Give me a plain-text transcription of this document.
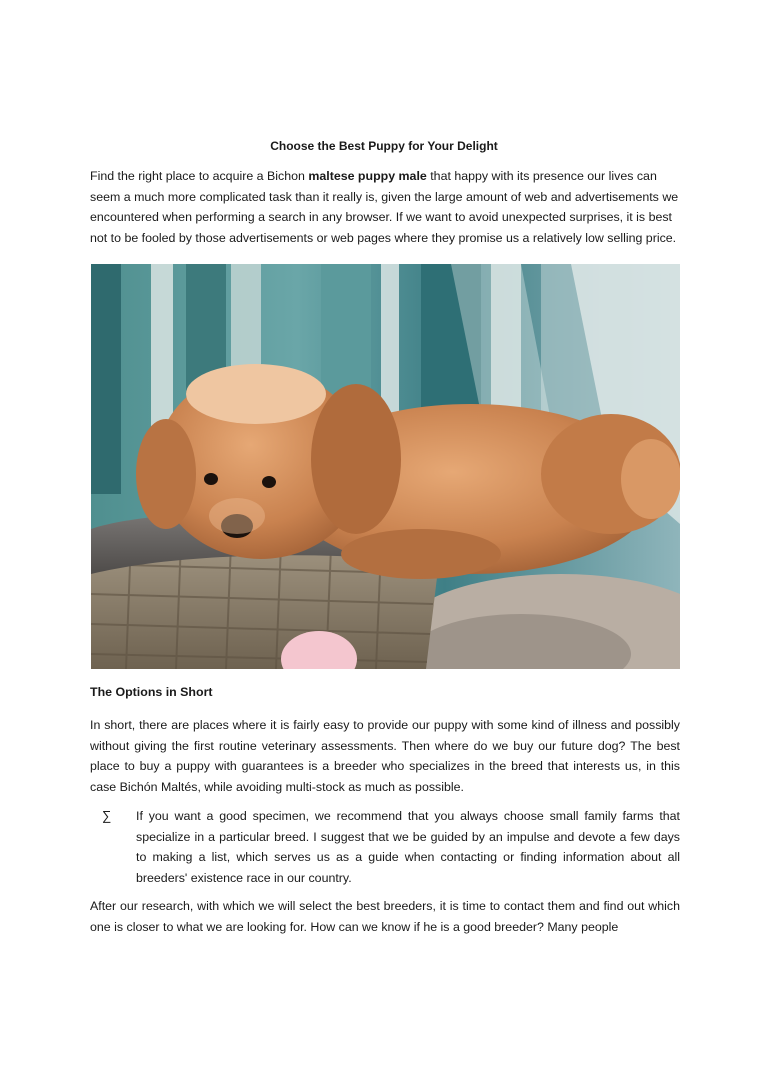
Choose the Best Puppy for Your Delight

Find the right place to acquire a Bichon maltese puppy male that happy with its presence our lives can seem a much more complicated task than it really is, given the large amount of web and advertisements we encountered when performing a search in any browser. If we want to avoid unexpected surprises, it is best not to be fooled by those advertisements or web pages where they promise us a relatively low selling price.

The Options in Short

In short, there are places where it is fairly easy to provide our puppy with some kind of illness and possibly without giving the first routine veterinary assessments. Then where do we buy our future dog? The best place to buy a puppy with guarantees is a breeder who specializes in the breed that interests us, in this case Bichón Maltés, while avoiding multi-stock as much as possible.

∑ If you want a good specimen, we recommend that you always choose small family farms that specialize in a particular breed. I suggest that we be guided by an impulse and devote a few days to making a list, which serves us as a guide when contacting or finding information about all breeders' existence race in our country.

After our research, with which we will select the best breeders, it is time to contact them and find out which one is closer to what we are looking for. How can we know if he is a good breeder? Many people
